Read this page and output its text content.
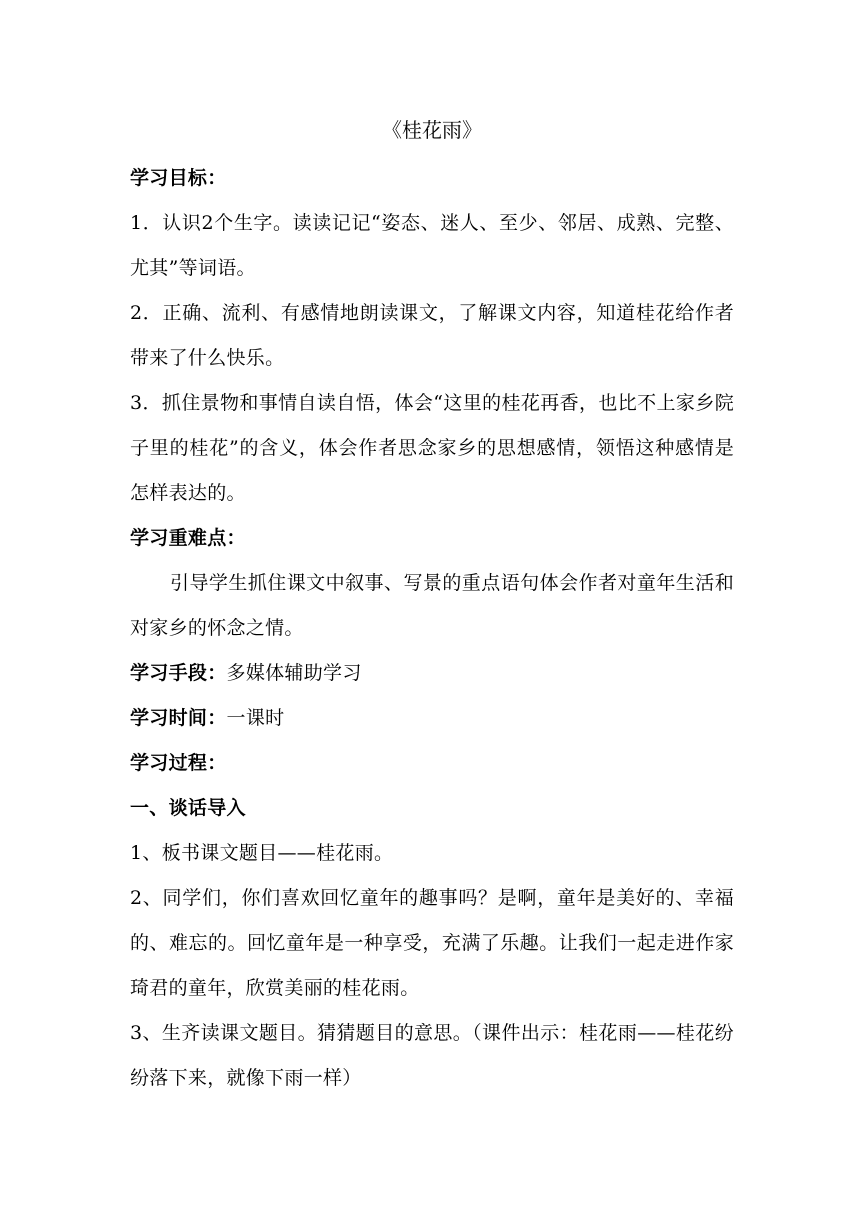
《桂花雨》

学习目标：

1．认识2个生字。读读记记“姿态、迷人、至少、邻居、成熟、完整、尤其”等词语。

2．正确、流利、有感情地朗读课文，了解课文内容，知道桂花给作者带来了什么快乐。

3．抓住景物和事情自读自悟，体会“这里的桂花再香，也比不上家乡院子里的桂花”的含义，体会作者思念家乡的思想感情，领悟这种感情是怎样表达的。

学习重难点：

引导学生抓住课文中叙事、写景的重点语句体会作者对童年生活和对家乡的怀念之情。

学习手段：多媒体辅助学习

学习时间：一课时

学习过程：

一、谈话导入

1、板书课文题目——桂花雨。

2、同学们，你们喜欢回忆童年的趣事吗？是啊，童年是美好的、幸福的、难忘的。回忆童年是一种享受，充满了乐趣。让我们一起走进作家琦君的童年，欣赏美丽的桂花雨。

3、生齐读课文题目。猜猜题目的意思。（课件出示：桂花雨——桂花纷纷落下来，就像下雨一样）
